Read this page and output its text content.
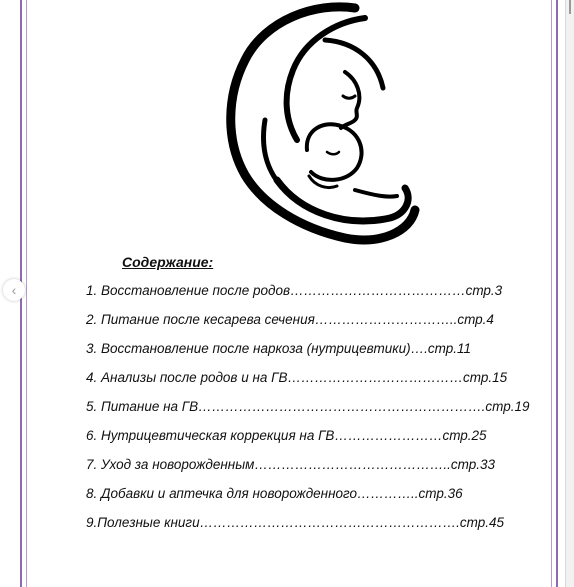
‹
Содержание:
1. Восстановление после родов…………………………………стр.3
2. Питание после кесарева сечения…………………………..стр.4
3. Восстановление после наркоза (нутрицевтики)….стр.11
4. Анализы после родов и на ГВ…………………………………стр.15
5. Питание на ГВ……………………………………………………….стр.19
6. Нутрицевтическая коррекция на ГВ……………………стр.25
7. Уход за новорожденным……………………………………..стр.33
8. Добавки и аптечка для новорожденного…………..стр.36
9.Полезные книги………………………………………………….стр.45
